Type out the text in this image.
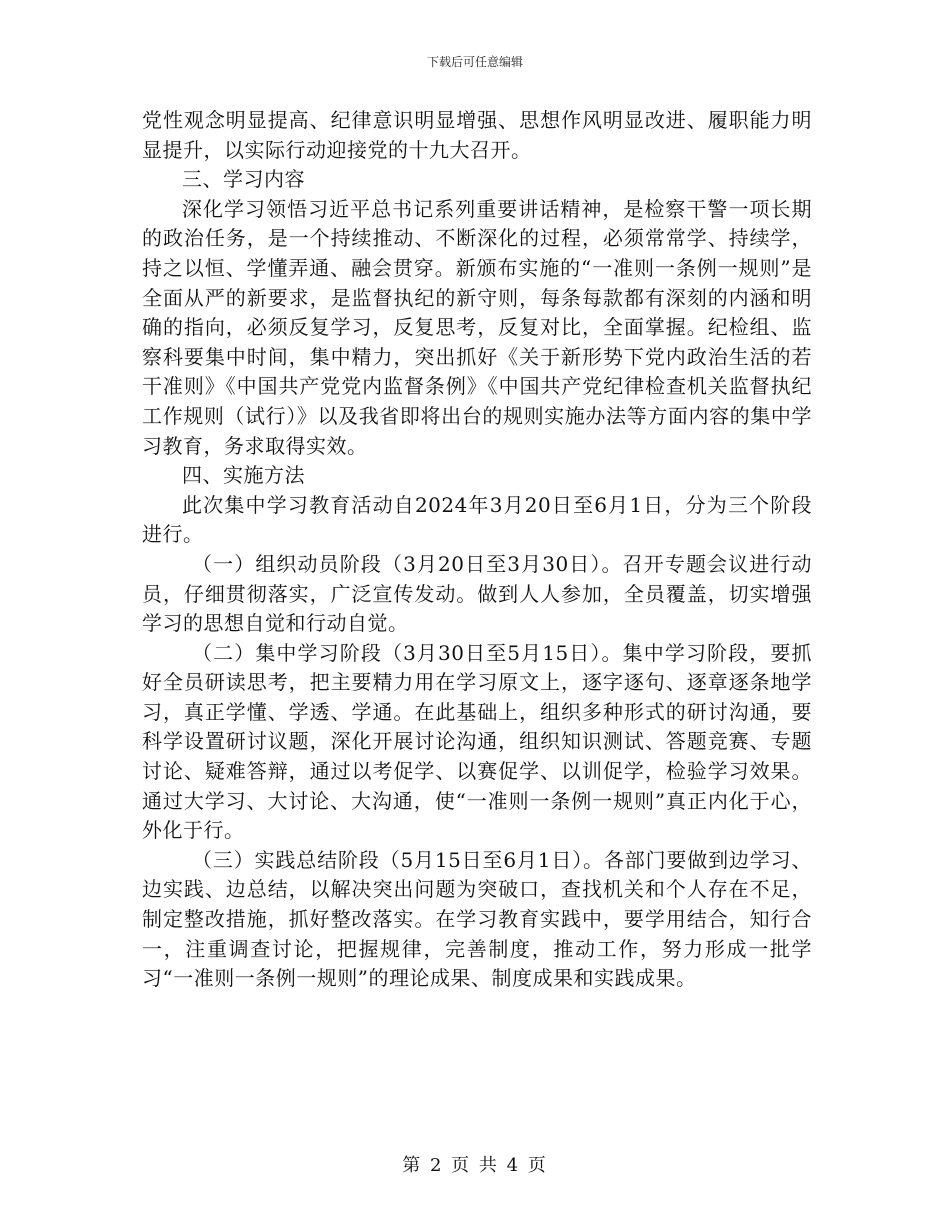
下载后可任意编辑

党性观念明显提高、纪律意识明显增强、思想作风明显改进、履职能力明显提升，以实际行动迎接党的十九大召开。

三、学习内容

深化学习领悟习近平总书记系列重要讲话精神，是检察干警一项长期的政治任务，是一个持续推动、不断深化的过程，必须常常学、持续学，持之以恒、学懂弄通、融会贯穿。新颁布实施的“一准则一条例一规则”是全面从严的新要求，是监督执纪的新守则，每条每款都有深刻的内涵和明确的指向，必须反复学习，反复思考，反复对比，全面掌握。纪检组、监察科要集中时间，集中精力，突出抓好《关于新形势下党内政治生活的若干准则》《中国共产党党内监督条例》《中国共产党纪律检查机关监督执纪工作规则（试行）》以及我省即将出台的规则实施办法等方面内容的集中学习教育，务求取得实效。

四、实施方法

此次集中学习教育活动自2024年3月20日至6月1日，分为三个阶段进行。

（一）组织动员阶段（3月20日至3月30日）。召开专题会议进行动员，仔细贯彻落实，广泛宣传发动。做到人人参加，全员覆盖，切实增强学习的思想自觉和行动自觉。

（二）集中学习阶段（3月30日至5月15日）。集中学习阶段，要抓好全员研读思考，把主要精力用在学习原文上，逐字逐句、逐章逐条地学习，真正学懂、学透、学通。在此基础上，组织多种形式的研讨沟通，要科学设置研讨议题，深化开展讨论沟通，组织知识测试、答题竞赛、专题讨论、疑难答辩，通过以考促学、以赛促学、以训促学，检验学习效果。通过大学习、大讨论、大沟通，使“一准则一条例一规则”真正内化于心，外化于行。

（三）实践总结阶段（5月15日至6月1日）。各部门要做到边学习、边实践、边总结，以解决突出问题为突破口，查找机关和个人存在不足，制定整改措施，抓好整改落实。在学习教育实践中，要学用结合，知行合一，注重调查讨论，把握规律，完善制度，推动工作，努力形成一批学习“一准则一条例一规则”的理论成果、制度成果和实践成果。

第 2 页 共 4 页
